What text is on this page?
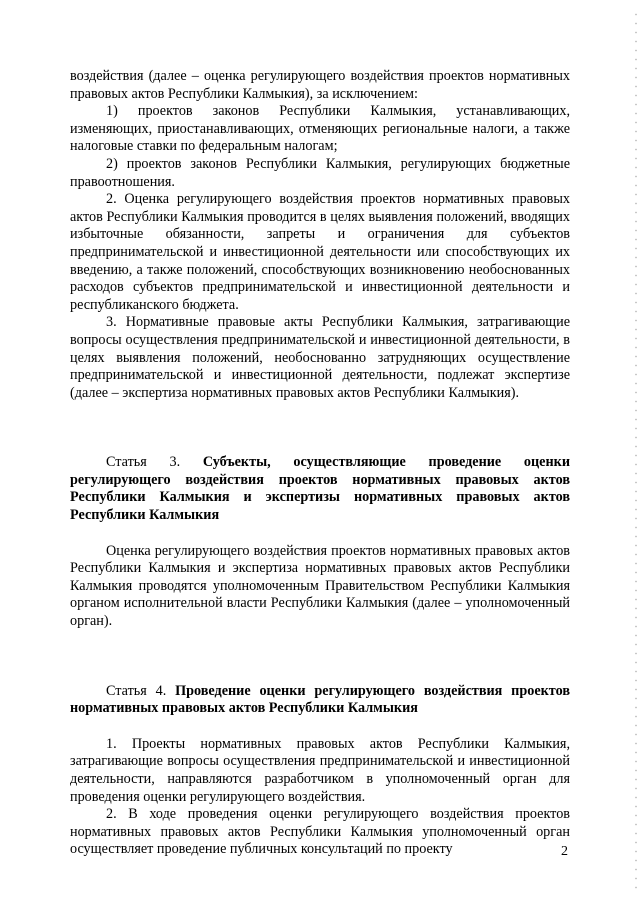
воздействия (далее – оценка регулирующего воздействия проектов нормативных правовых актов Республики Калмыкия), за исключением:

1) проектов законов Республики Калмыкия, устанавливающих, изменяющих, приостанавливающих, отменяющих региональные налоги, а также налоговые ставки по федеральным налогам;

2) проектов законов Республики Калмыкия, регулирующих бюджетные правоотношения.

2. Оценка регулирующего воздействия проектов нормативных правовых актов Республики Калмыкия проводится в целях выявления положений, вводящих избыточные обязанности, запреты и ограничения для субъектов предпринимательской и инвестиционной деятельности или способствующих их введению, а также положений, способствующих возникновению необоснованных расходов субъектов предпринимательской и инвестиционной деятельности и республиканского бюджета.

3. Нормативные правовые акты Республики Калмыкия, затрагивающие вопросы осуществления предпринимательской и инвестиционной деятельности, в целях выявления положений, необоснованно затрудняющих осуществление предпринимательской и инвестиционной деятельности, подлежат экспертизе (далее – экспертиза нормативных правовых актов Республики Калмыкия).

Статья 3. Субъекты, осуществляющие проведение оценки регулирующего воздействия проектов нормативных правовых актов Республики Калмыкия и экспертизы нормативных правовых актов Республики Калмыкия

Оценка регулирующего воздействия проектов нормативных правовых актов Республики Калмыкия и экспертиза нормативных правовых актов Республики Калмыкия проводятся уполномоченным Правительством Республики Калмыкия органом исполнительной власти Республики Калмыкия (далее – уполномоченный орган).

Статья 4. Проведение оценки регулирующего воздействия проектов нормативных правовых актов Республики Калмыкия

1. Проекты нормативных правовых актов Республики Калмыкия, затрагивающие вопросы осуществления предпринимательской и инвестиционной деятельности, направляются разработчиком в уполномоченный орган для проведения оценки регулирующего воздействия.

2. В ходе проведения оценки регулирующего воздействия проектов нормативных правовых актов Республики Калмыкия уполномоченный орган осуществляет проведение публичных консультаций по проекту	2
